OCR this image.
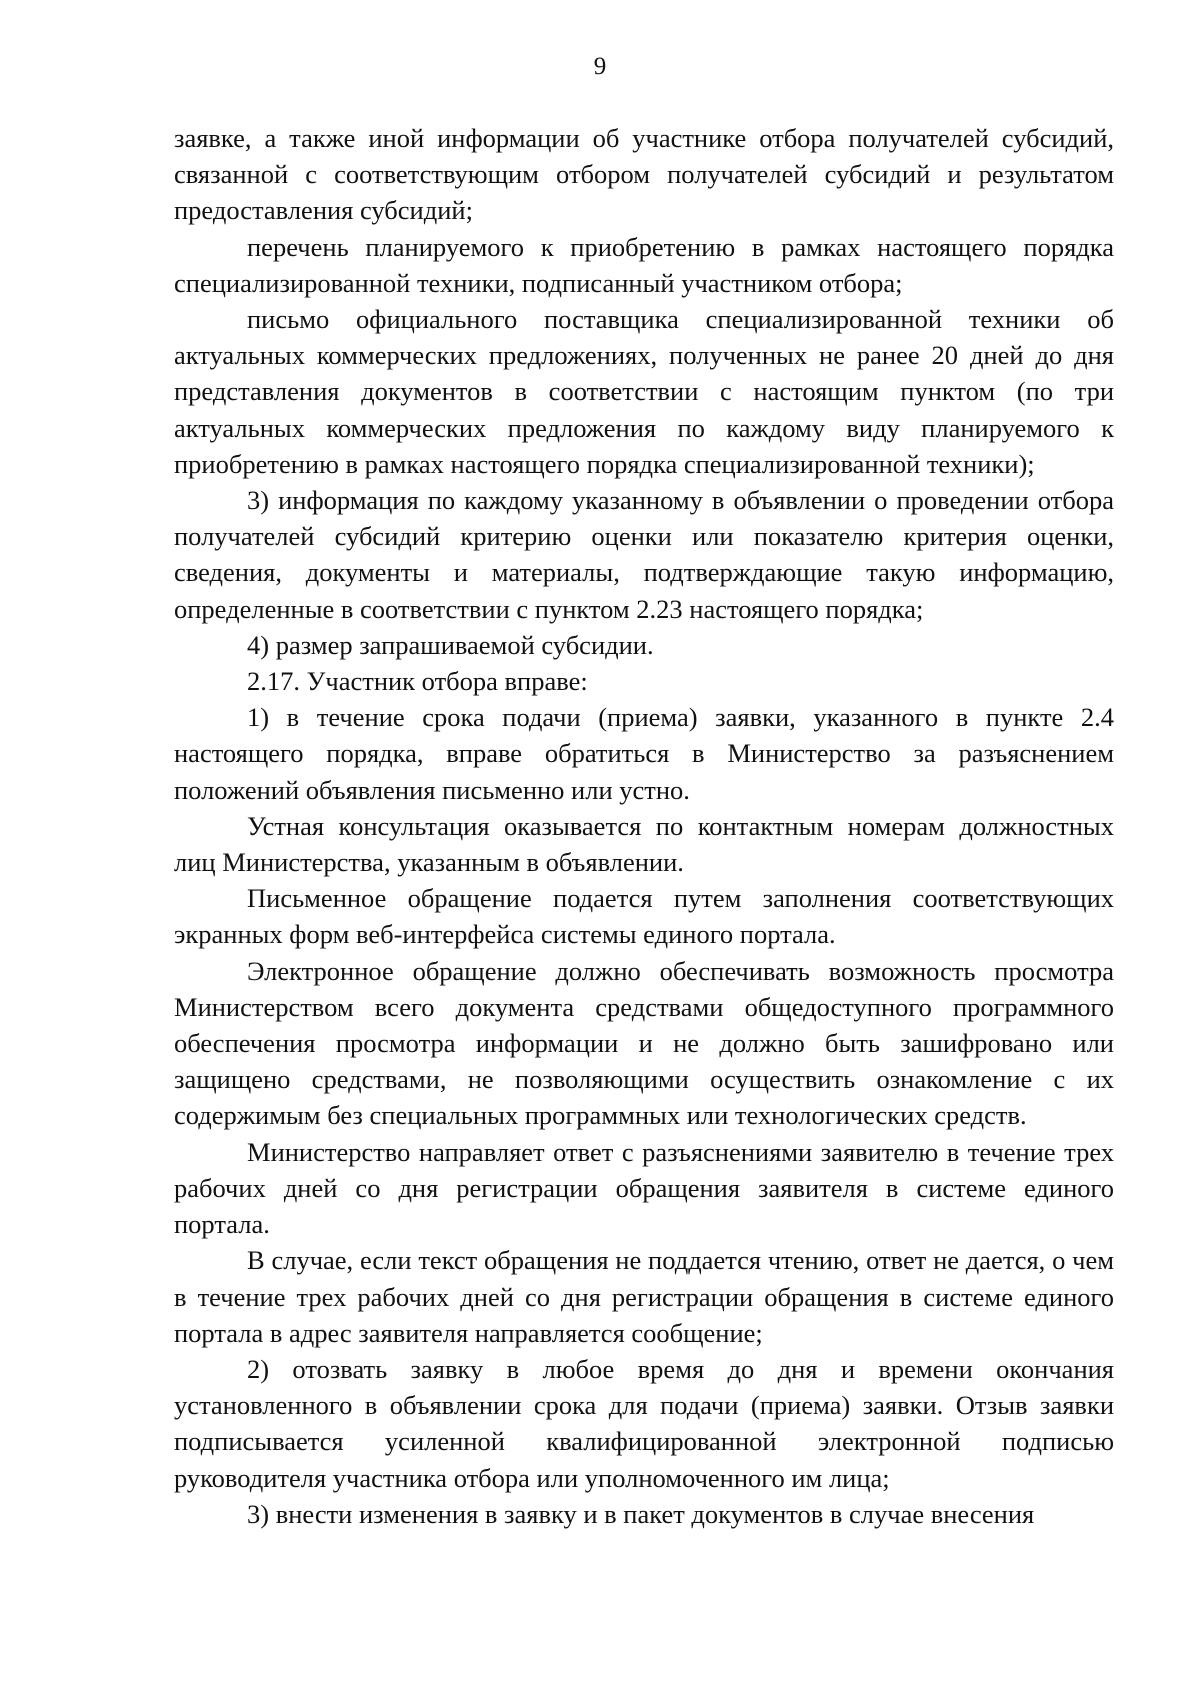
9

заявке, а также иной информации об участнике отбора получателей субсидий, связанной с соответствующим отбором получателей субсидий и результатом предоставления субсидий;

перечень планируемого к приобретению в рамках настоящего порядка специализированной техники, подписанный участником отбора;

письмо официального поставщика специализированной техники об актуальных коммерческих предложениях, полученных не ранее 20 дней до дня представления документов в соответствии с настоящим пунктом (по три актуальных коммерческих предложения по каждому виду планируемого к приобретению в рамках настоящего порядка специализированной техники);

3) информация по каждому указанному в объявлении о проведении отбора получателей субсидий критерию оценки или показателю критерия оценки, сведения, документы и материалы, подтверждающие такую информацию, определенные в соответствии с пунктом 2.23 настоящего порядка;

4) размер запрашиваемой субсидии.

2.17. Участник отбора вправе:

1) в течение срока подачи (приема) заявки, указанного в пункте 2.4 настоящего порядка, вправе обратиться в Министерство за разъяснением положений объявления письменно или устно.

Устная консультация оказывается по контактным номерам должностных лиц Министерства, указанным в объявлении.

Письменное обращение подается путем заполнения соответствующих экранных форм веб-интерфейса системы единого портала.

Электронное обращение должно обеспечивать возможность просмотра Министерством всего документа средствами общедоступного программного обеспечения просмотра информации и не должно быть зашифровано или защищено средствами, не позволяющими осуществить ознакомление с их содержимым без специальных программных или технологических средств.

Министерство направляет ответ с разъяснениями заявителю в течение трех рабочих дней со дня регистрации обращения заявителя в системе единого портала.

В случае, если текст обращения не поддается чтению, ответ не дается, о чем в течение трех рабочих дней со дня регистрации обращения в системе единого портала в адрес заявителя направляется сообщение;

2) отозвать заявку в любое время до дня и времени окончания установленного в объявлении срока для подачи (приема) заявки. Отзыв заявки подписывается усиленной квалифицированной электронной подписью руководителя участника отбора или уполномоченного им лица;

3) внести изменения в заявку и в пакет документов в случае внесения
